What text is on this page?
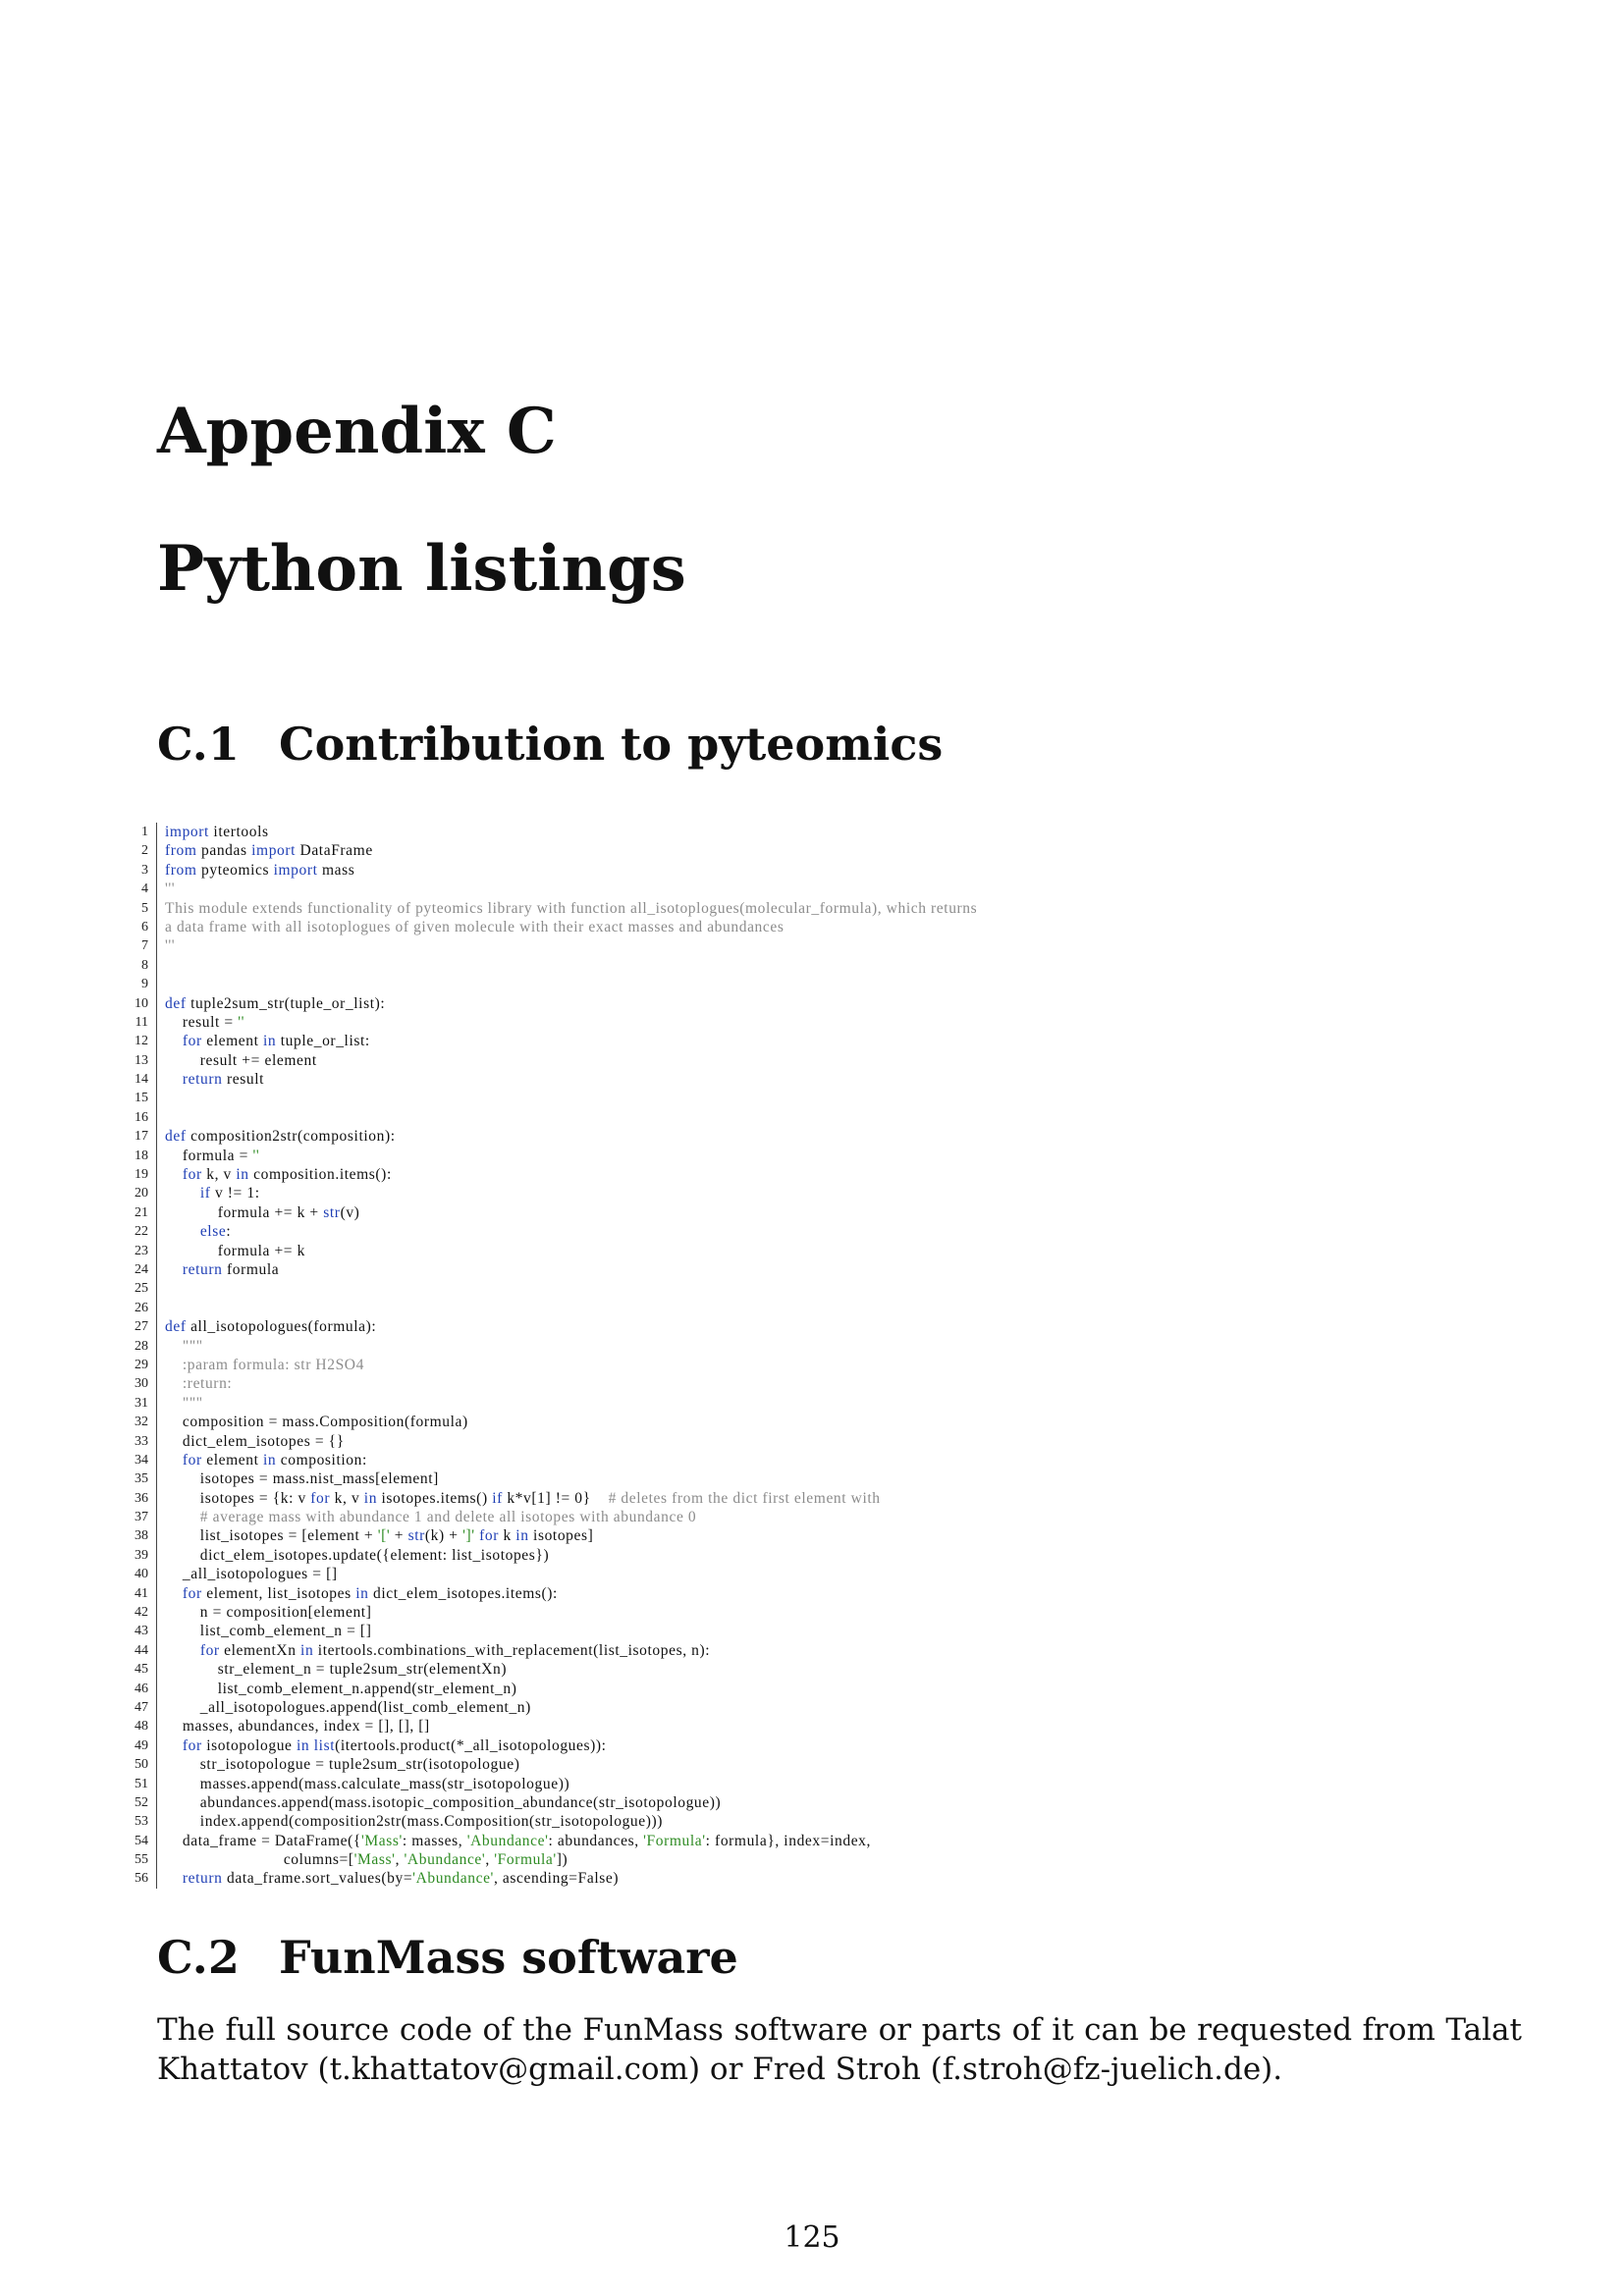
Appendix C
Python listings
C.1 Contribution to pyteomics
1	import itertools
2	from pandas import DataFrame
3	from pyteomics import mass
4	'''
5	This module extends functionality of pyteomics library with function all_isotoplogues(molecular_formula), which returns
6	a data frame with all isotoplogues of given molecule with their exact masses and abundances
7	'''
8
9
10	def tuple2sum_str(tuple_or_list):
11	result = ''
12	for element in tuple_or_list:
13	result += element
14	return result
15
16
17	def composition2str(composition):
18	formula = ''
19	for k, v in composition.items():
20	if v != 1:
21	formula += k + str(v)
22	else:
23	formula += k
24	return formula
25
26
27	def all_isotopologues(formula):
28	"""
29	:param formula: str H2SO4
30	:return:
31	"""
32	composition = mass.Composition(formula)
33	dict_elem_isotopes = {}
34	for element in composition:
35	isotopes = mass.nist_mass[element]
36	isotopes = {k: v for k, v in isotopes.items() if k*v[1] != 0}    # deletes from the dict first element with
37	# average mass with abundance 1 and delete all isotopes with abundance 0
38	list_isotopes = [element + '[' + str(k) + ']' for k in isotopes]
39	dict_elem_isotopes.update({element: list_isotopes})
40	_all_isotopologues = []
41	for element, list_isotopes in dict_elem_isotopes.items():
42	n = composition[element]
43	list_comb_element_n = []
44	for elementXn in itertools.combinations_with_replacement(list_isotopes, n):
45	str_element_n = tuple2sum_str(elementXn)
46	list_comb_element_n.append(str_element_n)
47	_all_isotopologues.append(list_comb_element_n)
48	masses, abundances, index = [], [], []
49	for isotopologue in list(itertools.product(*_all_isotopologues)):
50	str_isotopologue = tuple2sum_str(isotopologue)
51	masses.append(mass.calculate_mass(str_isotopologue))
52	abundances.append(mass.isotopic_composition_abundance(str_isotopologue))
53	index.append(composition2str(mass.Composition(str_isotopologue)))
54	data_frame = DataFrame({'Mass': masses, 'Abundance': abundances, 'Formula': formula}, index=index,
55	columns=['Mass', 'Abundance', 'Formula'])
56	return data_frame.sort_values(by='Abundance', ascending=False)
C.2 FunMass software

The full source code of the FunMass software or parts of it can be requested from Talat Khattatov (t.khattatov@gmail.com) or Fred Stroh (f.stroh@fz-juelich.de).

125
